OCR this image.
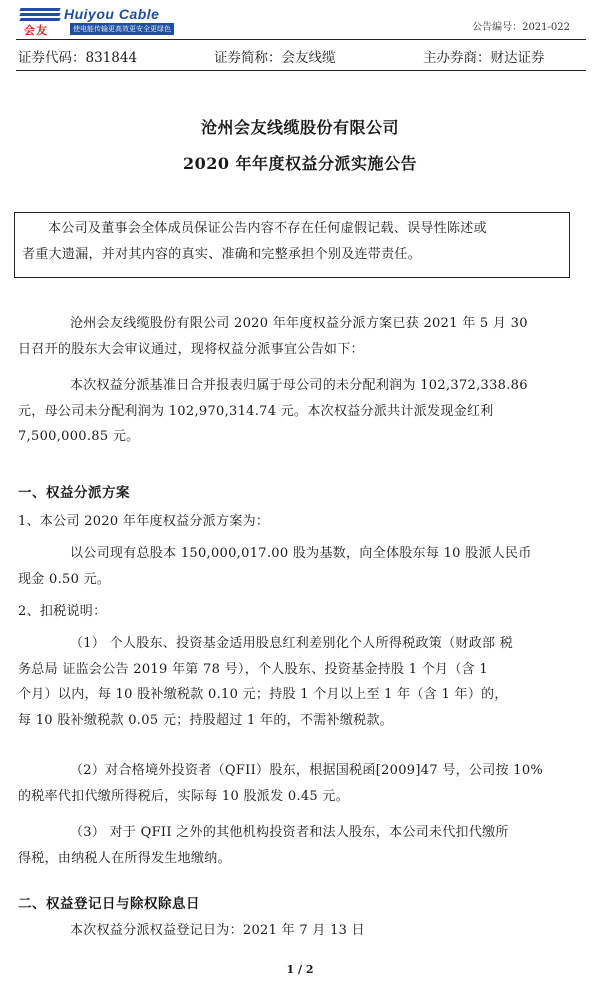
会友
Huiyou Cable
使电能传输更高效更安全更绿色	公告编号：2021-022
证券代码：831844	证券简称：会友线缆	主办券商：财达证券
沧州会友线缆股份有限公司
2020 年年度权益分派实施公告
本公司及董事会全体成员保证公告内容不存在任何虚假记载、误导性陈述或
者重大遗漏，并对其内容的真实、准确和完整承担个别及连带责任。
沧州会友线缆股份有限公司 2020 年年度权益分派方案已获 2021 年 5 月 30
日召开的股东大会审议通过，现将权益分派事宜公告如下：
本次权益分派基准日合并报表归属于母公司的未分配利润为 102,372,338.86
元，母公司未分配利润为 102,970,314.74 元。本次权益分派共计派发现金红利
7,500,000.85 元。
一、权益分派方案
1、本公司 2020 年年度权益分派方案为：
以公司现有总股本 150,000,017.00 股为基数，向全体股东每 10 股派人民币
现金 0.50 元。
2、扣税说明：
（1） 个人股东、投资基金适用股息红利差别化个人所得税政策（财政部 税
务总局 证监会公告 2019 年第 78 号），个人股东、投资基金持股 1 个月（含 1
个月）以内，每 10 股补缴税款 0.10 元；持股 1 个月以上至 1 年（含 1 年）的，
每 10 股补缴税款 0.05 元；持股超过 1 年的，不需补缴税款。
（2）对合格境外投资者（QFII）股东，根据国税函[2009]47 号，公司按 10%
的税率代扣代缴所得税后，实际每 10 股派发 0.45 元。
（3） 对于 QFII 之外的其他机构投资者和法人股东，本公司未代扣代缴所
得税，由纳税人在所得发生地缴纳。
二、权益登记日与除权除息日
本次权益分派权益登记日为：2021 年 7 月 13 日
1 / 2
